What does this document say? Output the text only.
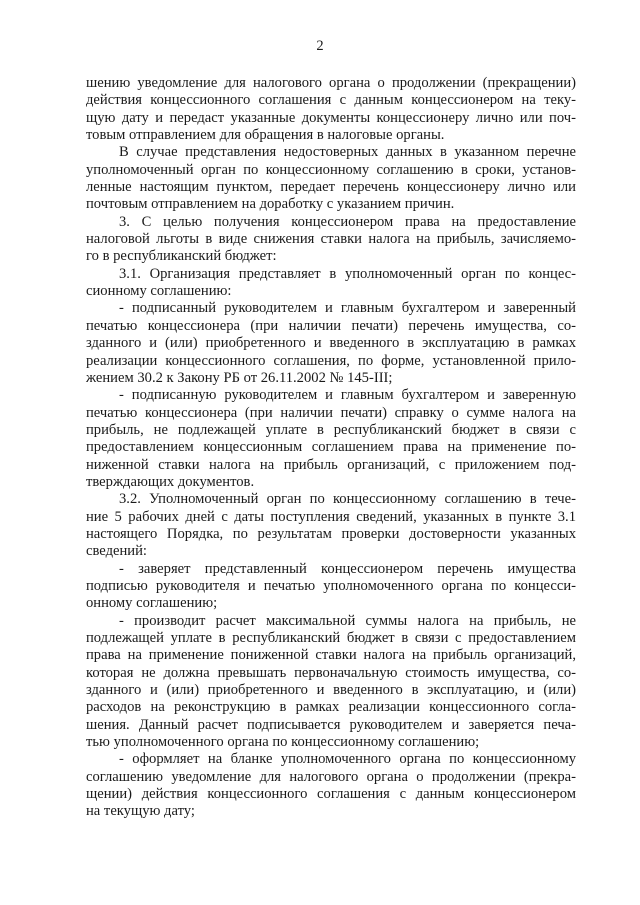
2
шению уведомление для налогового органа о продолжении (прекращении)
действия концессионного соглашения с данным концессионером на теку-
щую дату и передаст указанные документы концессионеру лично или поч-
товым отправлением для обращения в налоговые органы.
В случае представления недостоверных данных в указанном перечне
уполномоченный орган по концессионному соглашению в сроки, установ-
ленные настоящим пунктом, передает перечень концессионеру лично или
почтовым отправлением на доработку с указанием причин.
3. С целью получения концессионером права на предоставление
налоговой льготы в виде снижения ставки налога на прибыль, зачисляемо-
го в республиканский бюджет:
3.1. Организация представляет в уполномоченный орган по концес-
сионному соглашению:
- подписанный руководителем и главным бухгалтером и заверенный
печатью концессионера (при наличии печати) перечень имущества, со-
зданного и (или) приобретенного и введенного в эксплуатацию в рамках
реализации концессионного соглашения, по форме, установленной прило-
жением 30.2 к Закону РБ от 26.11.2002 № 145-III;
- подписанную руководителем и главным бухгалтером и заверенную
печатью концессионера (при наличии печати) справку о сумме налога на
прибыль, не подлежащей уплате в республиканский бюджет в связи с
предоставлением концессионным соглашением права на применение по-
ниженной ставки налога на прибыль организаций, с приложением под-
тверждающих документов.
3.2. Уполномоченный орган по концессионному соглашению в тече-
ние 5 рабочих дней с даты поступления сведений, указанных в пункте 3.1
настоящего Порядка, по результатам проверки достоверности указанных
сведений:
- заверяет представленный концессионером перечень имущества
подписью руководителя и печатью уполномоченного органа по концесси-
онному соглашению;
- производит расчет максимальной суммы налога на прибыль, не
подлежащей уплате в республиканский бюджет в связи с предоставлением
права на применение пониженной ставки налога на прибыль организаций,
которая не должна превышать первоначальную стоимость имущества, со-
зданного и (или) приобретенного и введенного в эксплуатацию, и (или)
расходов на реконструкцию в рамках реализации концессионного согла-
шения. Данный расчет подписывается руководителем и заверяется печа-
тью уполномоченного органа по концессионному соглашению;
- оформляет на бланке уполномоченного органа по концессионному
соглашению уведомление для налогового органа о продолжении (прекра-
щении) действия концессионного соглашения с данным концессионером
на текущую дату;
